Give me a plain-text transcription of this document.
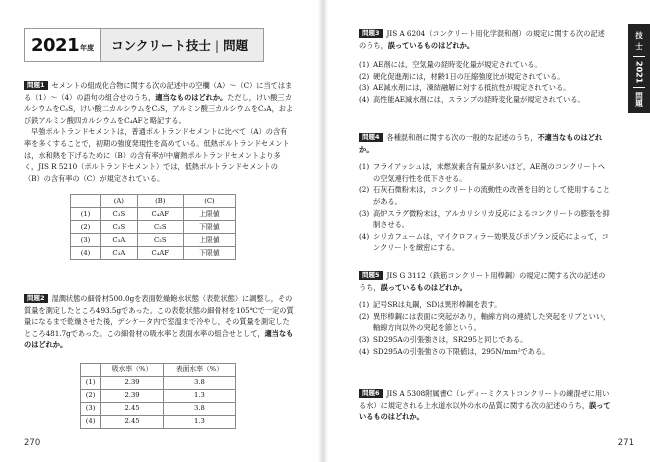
2021 年度	コンクリート技士 | 問題
問題1 セメントの組成化合物に関する次の記述中の空欄（A）～（C）に当てはまる（1）～（4）の語句の組合せのうち，適当なものはどれか。ただし，けい酸三カルシウムをC₃S，けい酸二カルシウムをC₂S，アルミン酸三カルシウムをC₃A，および鉄アルミン酸四カルシウムをC₄AFと略記する。
早強ポルトランドセメントは，普通ポルトランドセメントに比べて（A）の含有率を多くすることで，初期の強度発現性を高めている。低熱ポルトランドセメントは，水和熱を下げるために（B）の含有率が中庸熱ポルトランドセメントより多く，JIS R 5210（ポルトランドセメント）では，低熱ポルトランドセメントの（B）の含有率の（C）が規定されている。
	(A)	(B)	(C)
(1)	C₃S	C₄AF	上限値
(2)	C₃S	C₂S	下限値
(3)	C₃A	C₂S	上限値
(4)	C₃A	C₄AF	下限値
問題2 湿潤状態の細骨材500.0gを表面乾燥飽水状態（表乾状態）に調整し，その質量を測定したところ493.5gであった。この表乾状態の細骨材を105℃で一定の質量になるまで乾燥させた後，デシケータ内で室温まで冷やし，その質量を測定したところ481.7gであった。この細骨材の吸水率と表面水率の組合せとして，適当なものはどれか。
	吸水率（%）	表面水率（%）
(1)	2.39	3.8
(2)	2.39	1.3
(3)	2.45	3.8
(4)	2.45	1.3
270
問題3 JIS A 6204（コンクリート用化学混和剤）の規定に関する次の記述のうち，誤っているものはどれか。
(1) AE剤には，空気量の経時変化量が規定されている。
(2) 硬化促進剤には，材齢1日の圧縮強度比が規定されている。
(3) AE減水剤には，凍結融解に対する抵抗性が規定されている。
(4) 高性能AE減水剤には，スランプの経時変化量が規定されている。
問題4 各種混和剤に関する次の一般的な記述のうち，不適当なものはどれか。
(1) フライアッシュは，未燃炭素含有量が多いほど，AE剤のコンクリートへの空気連行性を低下させる。
(2) 石灰石微粉末は，コンクリートの流動性の改善を目的として使用することがある。
(3) 高炉スラグ微粉末は，アルカリシリカ反応によるコンクリートの膨張を抑制させる。
(4) シリカフュームは，マイクロフィラー効果及びポゾラン反応によって，コンクリートを緻密にする。
問題5 JIS G 3112（鉄筋コンクリート用棒鋼）の規定に関する次の記述のうち，誤っているものはどれか。
(1) 記号SRは丸鋼，SDは異形棒鋼を表す。
(2) 異形棒鋼には表面に突起があり，軸線方向の連続した突起をリブといい，軸線方向以外の突起を節という。
(3) SD295Aの引張強さは，SR295と同じである。
(4) SD295Aの引張強さの下限値は，295N/mm²である。
問題6 JIS A 5308附属書C（レディーミクストコンクリートの練混ぜに用いる水）に規定される上水道水以外の水の品質に関する次の記述のうち，誤っているものはどれか。
技
士
2021
問題
271
